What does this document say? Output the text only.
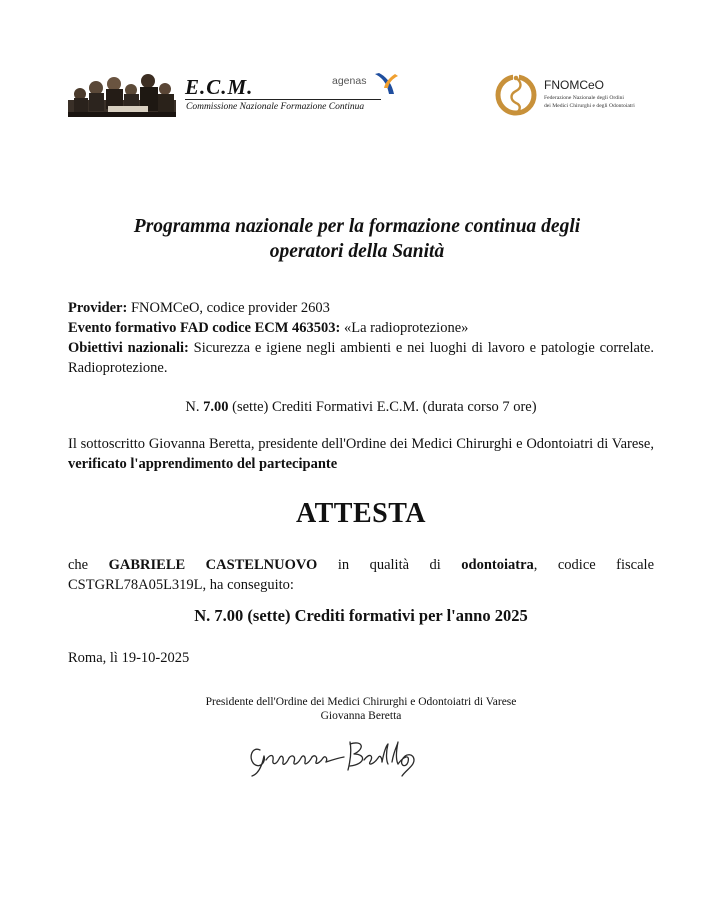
E.C.M.
Commissione Nazionale Formazione Continua
agenas	FNOMCeO
Federazione Nazionale degli Ordini
dei Medici Chirurghi e degli Odontoiatri
Programma nazionale per la formazione continua degli
operatori della Sanità
Provider: FNOMCeO, codice provider 2603
Evento formativo FAD codice ECM 463503: «La radioprotezione»
Obiettivi nazionali: Sicurezza e igiene negli ambienti e nei luoghi di lavoro e patologie correlate. Radioprotezione.
N. 7.00 (sette) Crediti Formativi E.C.M. (durata corso 7 ore)
Il sottoscritto Giovanna Beretta, presidente dell'Ordine dei Medici Chirurghi e Odontoiatri di Varese, verificato l'apprendimento del partecipante
ATTESTA
che GABRIELE CASTELNUOVO in qualità di odontoiatra, codice fiscale CSTGRL78A05L319L, ha conseguito:
N. 7.00 (sette) Crediti formativi per l'anno 2025
Roma, lì 19-10-2025
Presidente dell'Ordine dei Medici Chirurghi e Odontoiatri di Varese
Giovanna Beretta
